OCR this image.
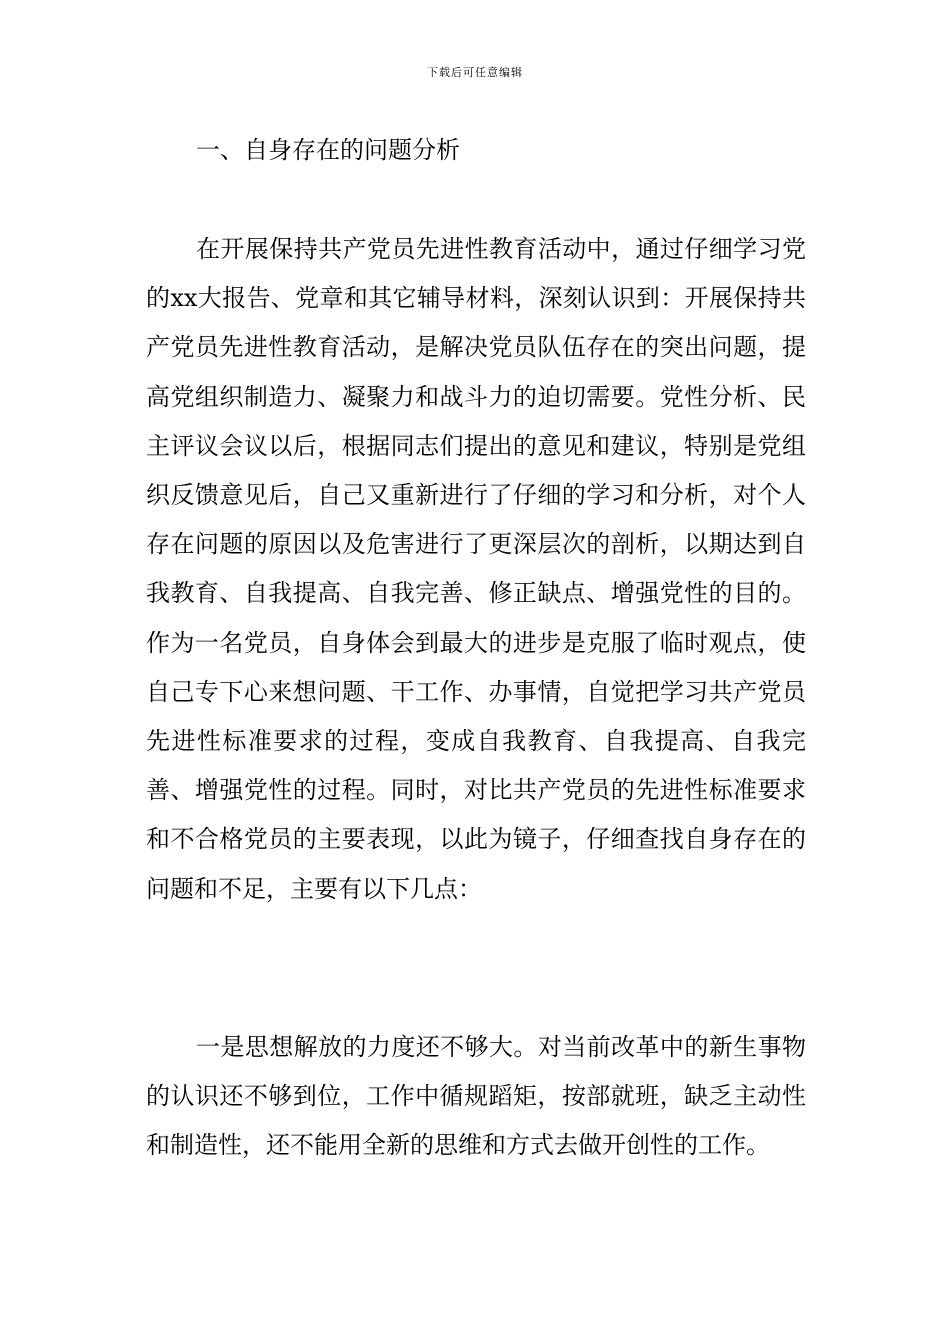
下载后可任意编辑
一、自身存在的问题分析

在开展保持共产党员先进性教育活动中，通过仔细学习党的xx大报告、党章和其它辅导材料，深刻认识到：开展保持共产党员先进性教育活动，是解决党员队伍存在的突出问题，提高党组织制造力、凝聚力和战斗力的迫切需要。党性分析、民主评议会议以后，根据同志们提出的意见和建议，特别是党组织反馈意见后，自己又重新进行了仔细的学习和分析，对个人存在问题的原因以及危害进行了更深层次的剖析，以期达到自我教育、自我提高、自我完善、修正缺点、增强党性的目的。作为一名党员，自身体会到最大的进步是克服了临时观点，使自己专下心来想问题、干工作、办事情，自觉把学习共产党员先进性标准要求的过程，变成自我教育、自我提高、自我完善、增强党性的过程。同时，对比共产党员的先进性标准要求和不合格党员的主要表现，以此为镜子，仔细查找自身存在的问题和不足，主要有以下几点：

一是思想解放的力度还不够大。对当前改革中的新生事物的认识还不够到位，工作中循规蹈矩，按部就班，缺乏主动性和制造性，还不能用全新的思维和方式去做开创性的工作。
